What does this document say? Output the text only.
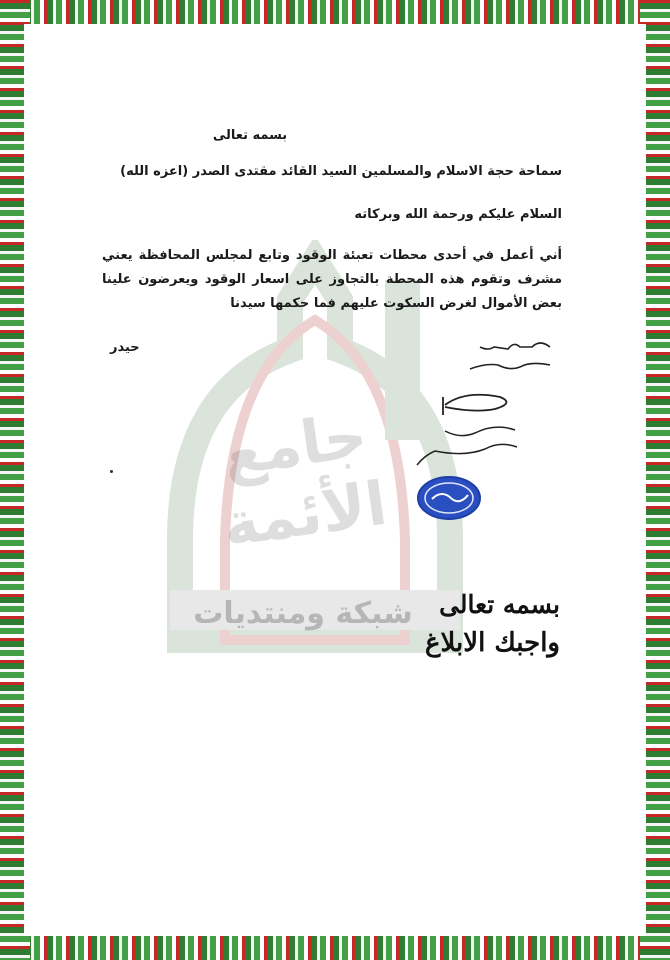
جامع الأئمة
شبكة ومنتديات
بسمه تعالى
سماحة حجة الاسلام والمسلمين السيد القائد مقتدى الصدر (اعزه الله)
السلام عليكم ورحمة الله وبركاته
أني أعمل في أحدى محطات تعبئة الوقود وتابع لمجلس المحافظة يعني مشرف وتقوم هذه المحطة بالتجاوز على اسعار الوقود ويعرضون علينا بعض الأموال لغرض السكوت عليهم فما حكمها سيدنا
حيدر
بسمه تعالى
واجبك الابلاغ
